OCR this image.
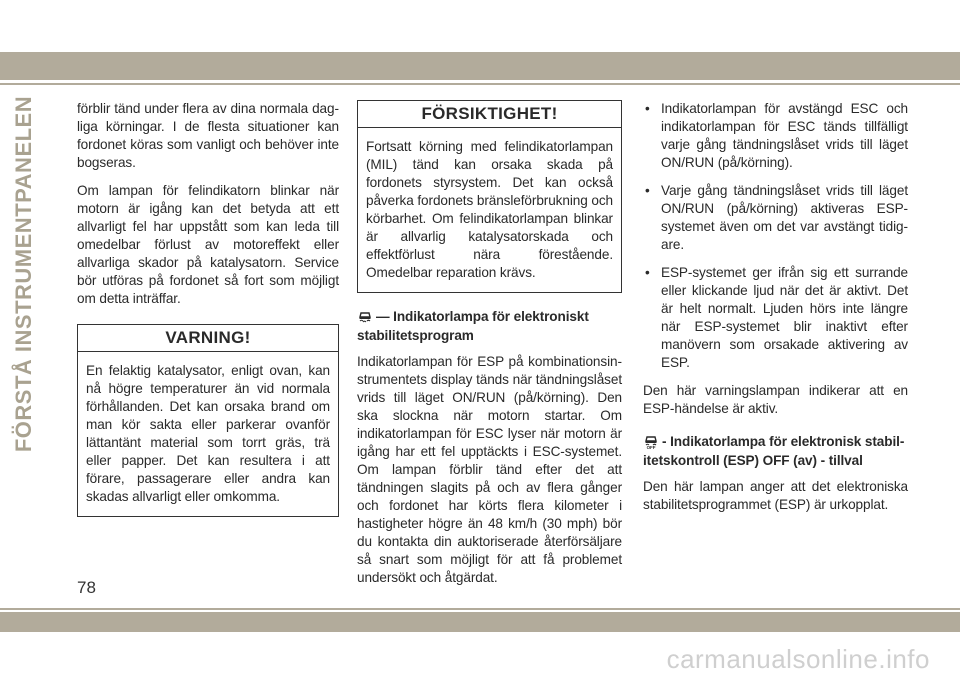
FÖRSTÅ INSTRUMENTPANELEN	förblir tänd under flera av dina normala dagliga körningar. I de flesta situationer kan fordonet köras som vanligt och behöver inte bogseras.

Om lampan för felindikatorn blinkar när motorn är igång kan det betyda att ett allvarligt fel har uppstått som kan leda till omedelbar förlust av motoreffekt eller allvarliga skador på katalysatorn. Service bör utföras på fordonet så fort som möjligt om detta inträffar.

VARNING!
En felaktig katalysator, enligt ovan, kan nå högre temperaturer än vid normala förhållanden. Det kan orsaka brand om man kör sakta eller parkerar ovanför lättantänt material som torrt gräs, trä eller papper. Det kan resultera i att förare, passagerare eller andra kan skadas allvarligt eller omkomma.
FÖRSIKTIGHET!
Fortsatt körning med felindikatorlampan (MIL) tänd kan orsaka skada på fordonets styrsystem. Det kan också påverka fordonets bränsleförbrukning och körbarhet. Om felindikatorlampan blinkar är allvarlig katalysatorskada och effektförlust nära förestående. Omedelbar reparation krävs.
— Indikatorlampa för elektroniskt stabilitetsprogram

Indikatorlampan för ESP på kombinationsinstrumentets display tänds när tändningslåset vrids till läget ON/RUN (på/körning). Den ska slockna när motorn startar. Om indikatorlampan för ESC lyser när motorn är igång har ett fel upptäckts i ESC-systemet. Om lampan förblir tänd efter det att tändningen slagits på och av flera gånger och fordonet har körts flera kilometer i hastigheter högre än 48 km/h (30 mph) bör du kontakta din auktoriserade återförsäljare så snart som möjligt för att få problemet undersökt och åtgärdat.

• Indikatorlampan för avstängd ESC och indikatorlampan för ESC tänds tillfälligt varje gång tändningslåset vrids till läget ON/RUN (på/körning).
• Varje gång tändningslåset vrids till läget ON/RUN (på/körning) aktiveras ESP-systemet även om det var avstängt tidigare.
• ESP-systemet ger ifrån sig ett surrande eller klickande ljud när det är aktivt. Det är helt normalt. Ljuden hörs inte längre när ESP-systemet blir inaktivt efter manövern som orsakade aktivering av ESP.

Den här varningslampan indikerar att en ESP-händelse är aktiv.

OFF - Indikatorlampa för elektronisk stabilitetskontroll (ESP) OFF (av) - tillval

Den här lampan anger att det elektroniska stabilitetsprogrammet (ESP) är urkopplat.

78
carmanualsonline.info
